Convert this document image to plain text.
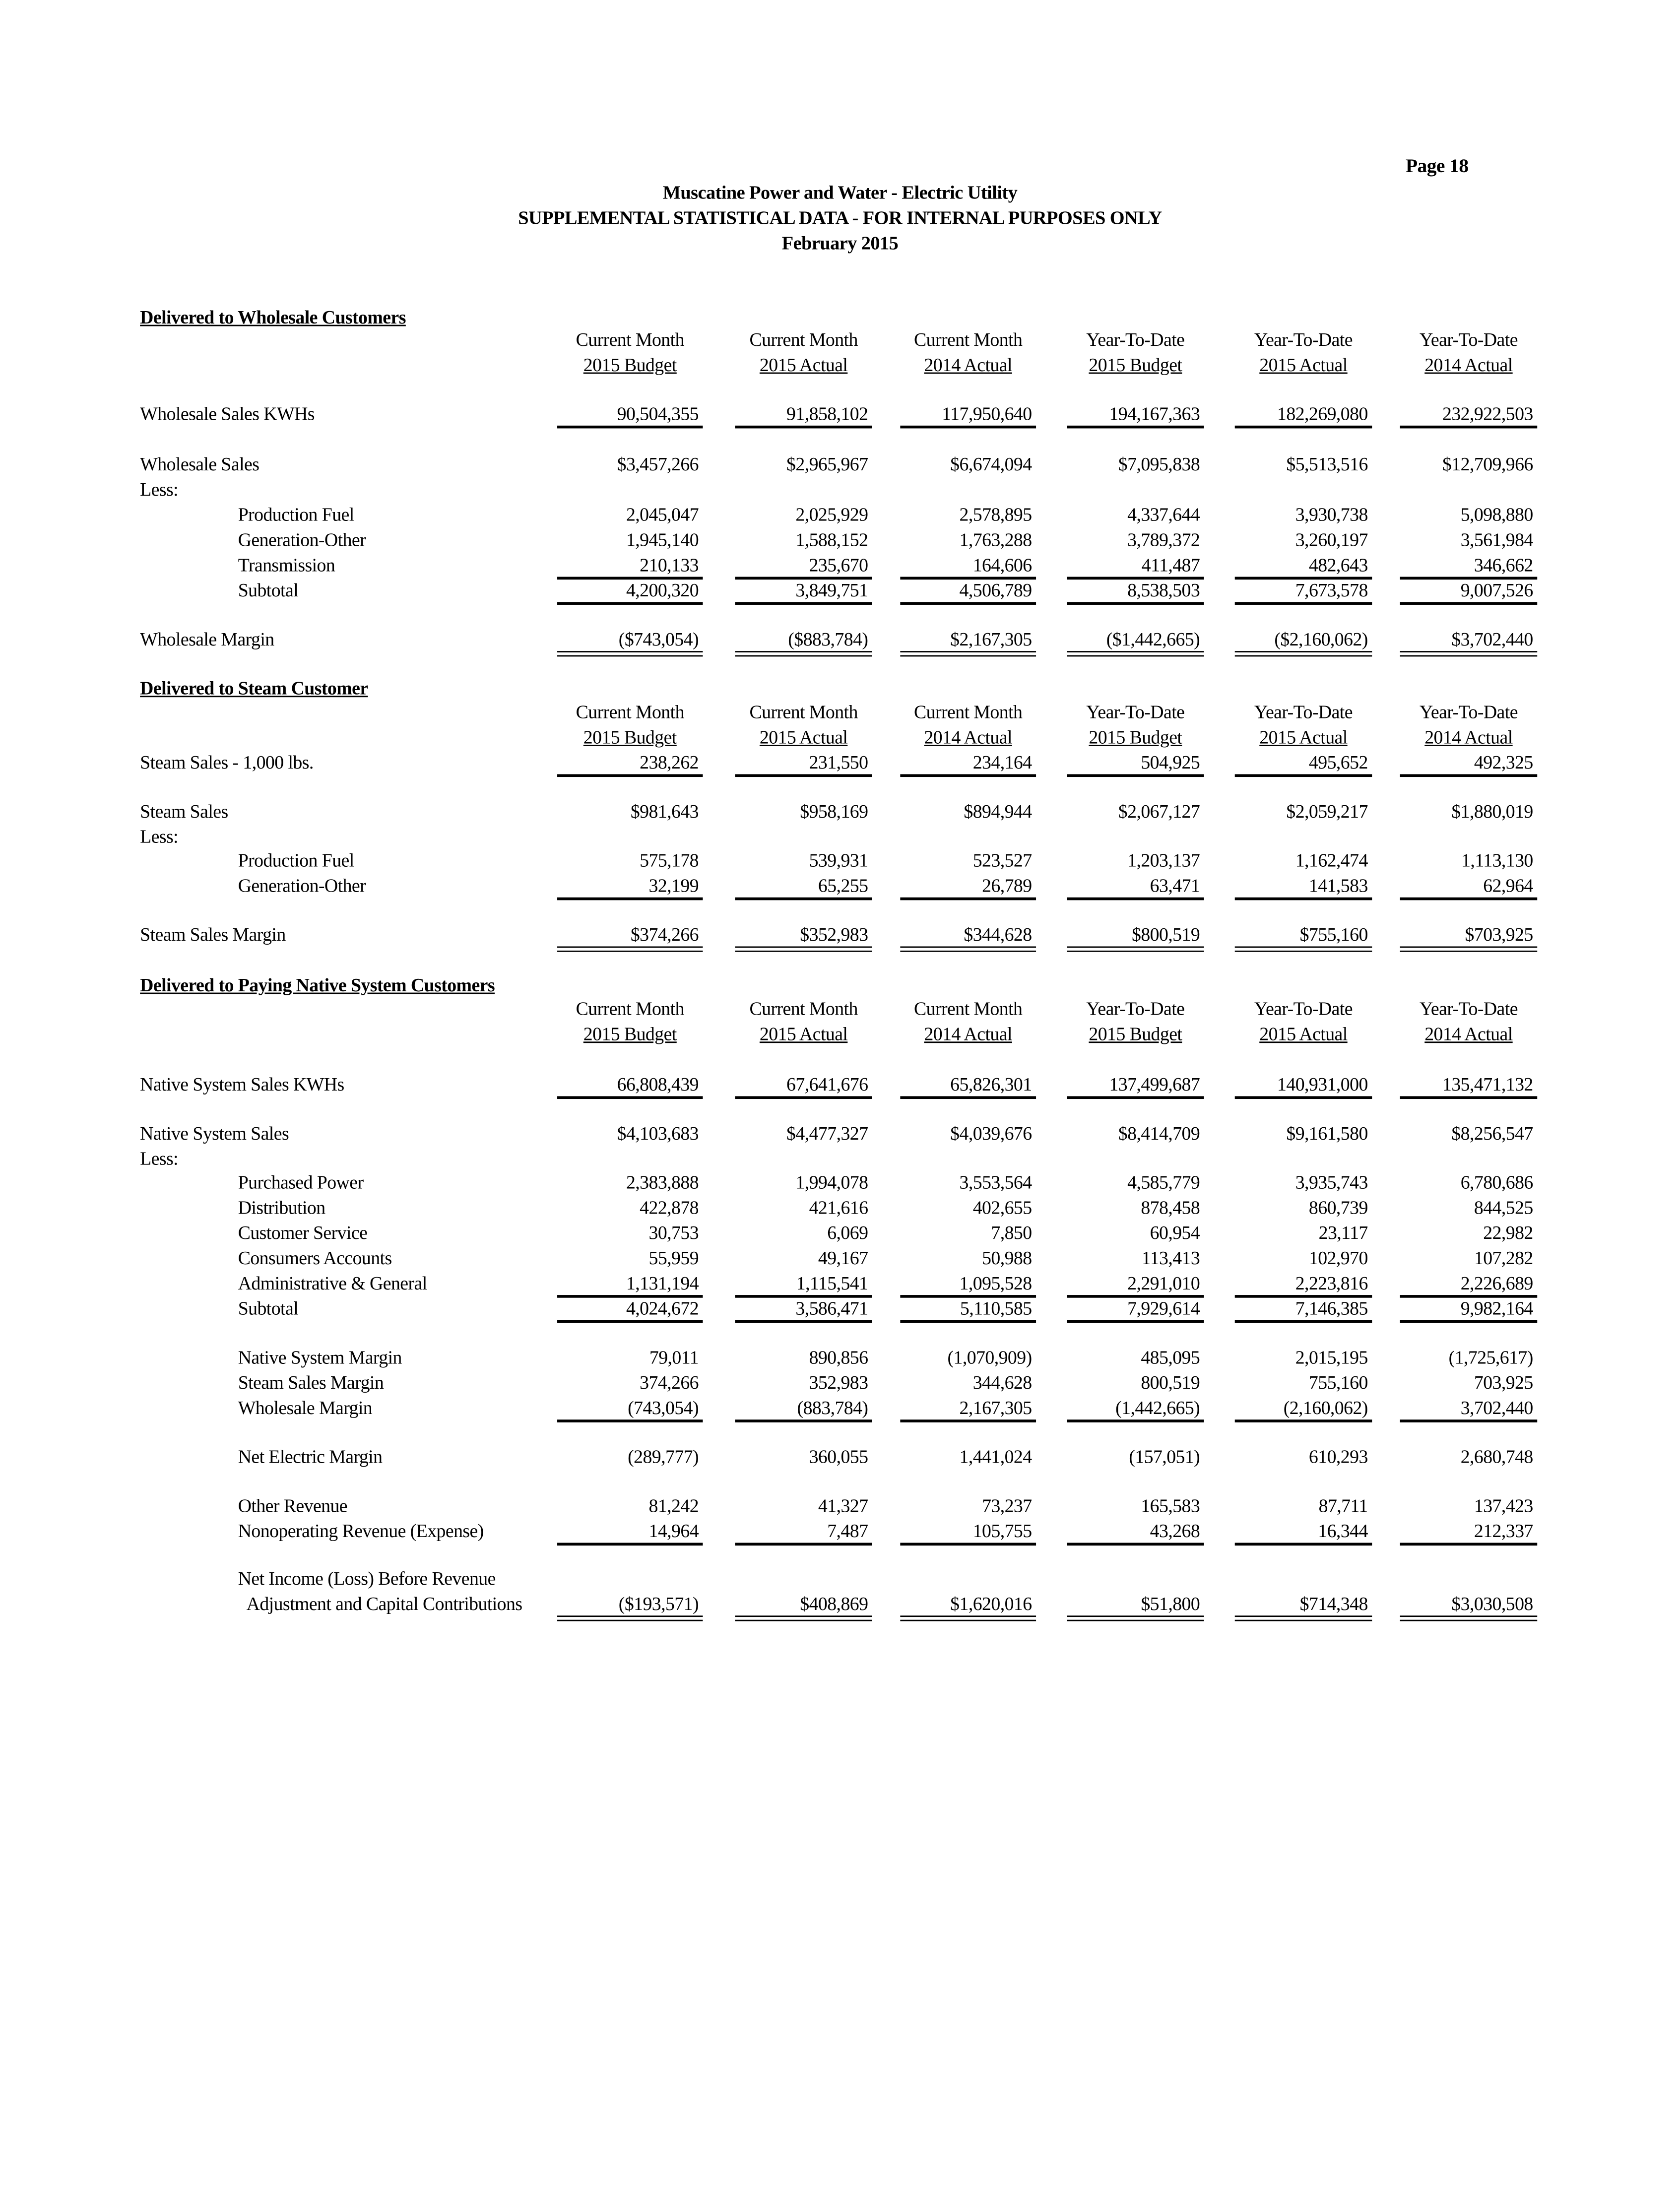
Page 18
Muscatine Power and Water - Electric Utility
SUPPLEMENTAL STATISTICAL DATA - FOR INTERNAL PURPOSES ONLY
February 2015
Delivered to Wholesale Customers
Current Month
2015 Budget
Current Month
2015 Actual
Current Month
2014 Actual
Year-To-Date
2015 Budget
Year-To-Date
2015 Actual
Year-To-Date
2014 Actual
Wholesale Sales KWHs	90,504,355	91,858,102	117,950,640	194,167,363	182,269,080	232,922,503
Wholesale Sales	$3,457,266	$2,965,967	$6,674,094	$7,095,838	$5,513,516	$12,709,966
Less:
Production Fuel	2,045,047	2,025,929	2,578,895	4,337,644	3,930,738	5,098,880
Generation-Other	1,945,140	1,588,152	1,763,288	3,789,372	3,260,197	3,561,984
Transmission	210,133	235,670	164,606	411,487	482,643	346,662
Subtotal	4,200,320	3,849,751	4,506,789	8,538,503	7,673,578	9,007,526
Wholesale Margin	($743,054)	($883,784)	$2,167,305	($1,442,665)	($2,160,062)	$3,702,440
Delivered to Steam Customer
Current Month
2015 Budget
Current Month
2015 Actual
Current Month
2014 Actual
Year-To-Date
2015 Budget
Year-To-Date
2015 Actual
Year-To-Date
2014 Actual
Steam Sales - 1,000 lbs.	238,262	231,550	234,164	504,925	495,652	492,325
Steam Sales	$981,643	$958,169	$894,944	$2,067,127	$2,059,217	$1,880,019
Less:
Production Fuel	575,178	539,931	523,527	1,203,137	1,162,474	1,113,130
Generation-Other	32,199	65,255	26,789	63,471	141,583	62,964
Steam Sales Margin	$374,266	$352,983	$344,628	$800,519	$755,160	$703,925
Delivered to Paying Native System Customers
Current Month
2015 Budget
Current Month
2015 Actual
Current Month
2014 Actual
Year-To-Date
2015 Budget
Year-To-Date
2015 Actual
Year-To-Date
2014 Actual
Native System Sales KWHs	66,808,439	67,641,676	65,826,301	137,499,687	140,931,000	135,471,132
Native System Sales	$4,103,683	$4,477,327	$4,039,676	$8,414,709	$9,161,580	$8,256,547
Less:
Purchased Power	2,383,888	1,994,078	3,553,564	4,585,779	3,935,743	6,780,686
Distribution	422,878	421,616	402,655	878,458	860,739	844,525
Customer Service	30,753	6,069	7,850	60,954	23,117	22,982
Consumers Accounts	55,959	49,167	50,988	113,413	102,970	107,282
Administrative & General	1,131,194	1,115,541	1,095,528	2,291,010	2,223,816	2,226,689
Subtotal	4,024,672	3,586,471	5,110,585	7,929,614	7,146,385	9,982,164
Native System Margin	79,011	890,856	(1,070,909)	485,095	2,015,195	(1,725,617)
Steam Sales Margin	374,266	352,983	344,628	800,519	755,160	703,925
Wholesale Margin	(743,054)	(883,784)	2,167,305	(1,442,665)	(2,160,062)	3,702,440
Net Electric Margin	(289,777)	360,055	1,441,024	(157,051)	610,293	2,680,748
Other Revenue	81,242	41,327	73,237	165,583	87,711	137,423
Nonoperating Revenue (Expense)	14,964	7,487	105,755	43,268	16,344	212,337
Net Income (Loss) Before Revenue
Adjustment and Capital Contributions	($193,571)	$408,869	$1,620,016	$51,800	$714,348	$3,030,508
